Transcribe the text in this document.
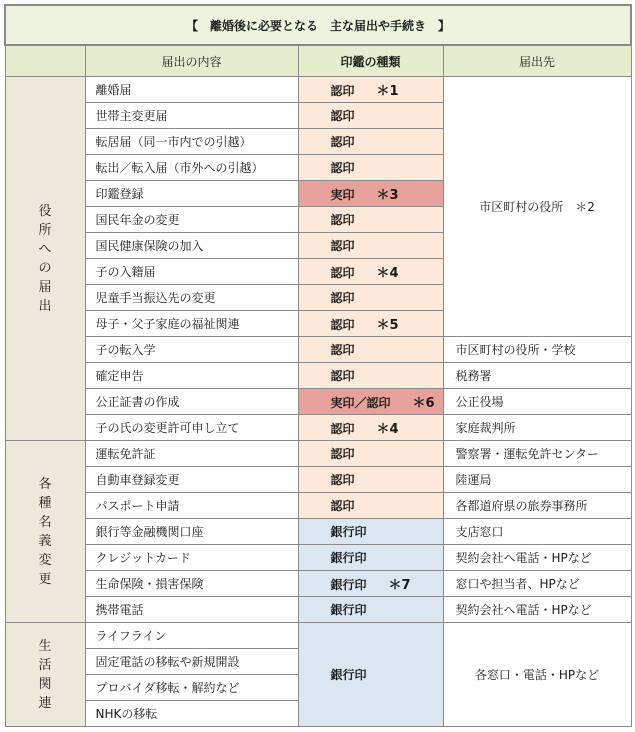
【　離婚後に必要となる　主な届出や手続き　】			
	届出の内容	印鑑の種類	届出先
役所への届出	離婚届	認印 ＊1	市区町村の役所　＊2
	世帯主変更届	認印	
	転居届（同一市内での引越）	認印	
	転出／転入届（市外への引越）	認印	
	印鑑登録	実印 ＊3	
	国民年金の変更	認印	
	国民健康保険の加入	認印	
	子の入籍届	認印 ＊4	
	児童手当振込先の変更	認印	
	母子・父子家庭の福祉関連	認印 ＊5	
	子の転入学	認印	市区町村の役所・学校
	確定申告	認印	税務署
	公正証書の作成	実印／認印 ＊6	公正役場
	子の氏の変更許可申し立て	認印 ＊4	家庭裁判所
各種名義変更	運転免許証	認印	警察署・運転免許センター
	自動車登録変更	認印	陸運局
	パスポート申請	認印	各都道府県の旅券事務所
	銀行等金融機関口座	銀行印	支店窓口
	クレジットカード	銀行印	契約会社へ電話・HPなど
	生命保険・損害保険	銀行印 ＊7	窓口や担当者、HPなど
	携帯電話	銀行印	契約会社へ電話・HPなど
生活関連	ライフライン	銀行印	各窓口・電話・HPなど
	固定電話の移転や新規開設		
	プロバイダ移転・解約など		
	NHKの移転		
